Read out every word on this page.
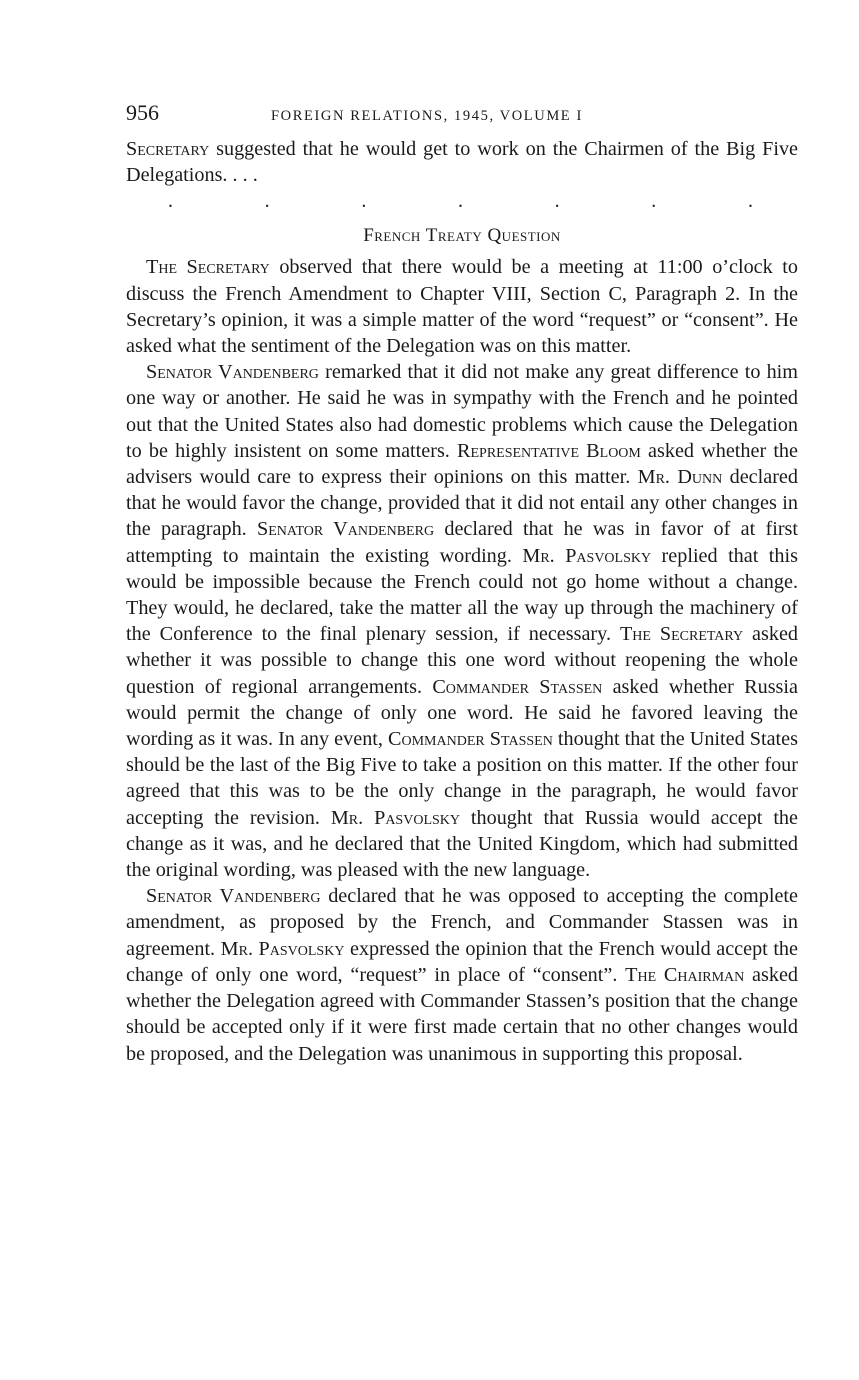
956	FOREIGN RELATIONS, 1945, VOLUME I

Secretary suggested that he would get to work on the Chairmen of the Big Five Delegations. . . .

.	.	.	.	.	.	.
French Treaty Question

The Secretary observed that there would be a meeting at 11:00 o’clock to discuss the French Amendment to Chapter VIII, Section C, Paragraph 2. In the Secretary’s opinion, it was a simple matter of the word “request” or “consent”. He asked what the sentiment of the Delegation was on this matter.

Senator Vandenberg remarked that it did not make any great difference to him one way or another. He said he was in sympathy with the French and he pointed out that the United States also had domestic problems which cause the Delegation to be highly insistent on some matters. Representative Bloom asked whether the advisers would care to express their opinions on this matter. Mr. Dunn declared that he would favor the change, provided that it did not entail any other changes in the paragraph. Senator Vandenberg declared that he was in favor of at first attempting to maintain the existing wording. Mr. Pasvolsky replied that this would be impossible because the French could not go home without a change. They would, he declared, take the matter all the way up through the machinery of the Conference to the final plenary session, if necessary. The Secretary asked whether it was possible to change this one word without reopening the whole question of regional arrangements. Commander Stassen asked whether Russia would permit the change of only one word. He said he favored leaving the wording as it was. In any event, Commander Stassen thought that the United States should be the last of the Big Five to take a position on this matter. If the other four agreed that this was to be the only change in the paragraph, he would favor accepting the revision. Mr. Pasvolsky thought that Russia would accept the change as it was, and he declared that the United Kingdom, which had submitted the original wording, was pleased with the new language.

Senator Vandenberg declared that he was opposed to accepting the complete amendment, as proposed by the French, and Commander Stassen was in agreement. Mr. Pasvolsky expressed the opinion that the French would accept the change of only one word, “request” in place of “consent”. The Chairman asked whether the Delegation agreed with Commander Stassen’s position that the change should be accepted only if it were first made certain that no other changes would be proposed, and the Delegation was unanimous in supporting this proposal.
